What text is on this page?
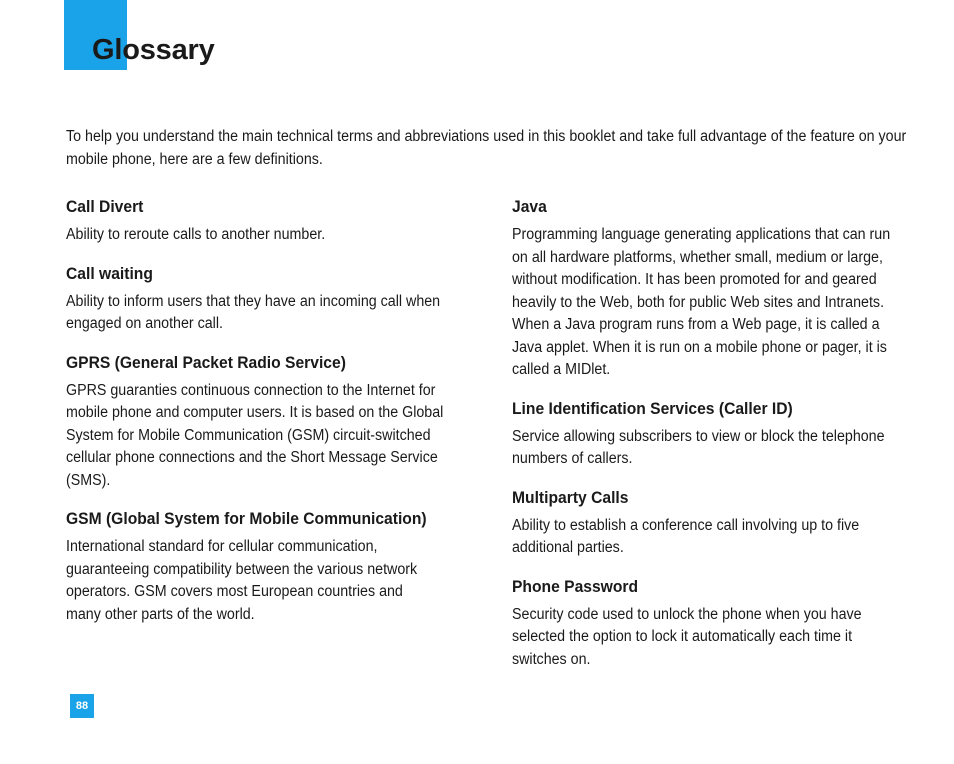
Glossary

To help you understand the main technical terms and abbreviations used in this booklet and take full advantage of the feature on your mobile phone, here are a few definitions.

Call Divert

Ability to reroute calls to another number.

Call waiting

Ability to inform users that they have an incoming call when engaged on another call.

GPRS (General Packet Radio Service)

GPRS guaranties continuous connection to the Internet for mobile phone and computer users. It is based on the Global System for Mobile Communication (GSM) circuit-switched cellular phone connections and the Short Message Service (SMS).

GSM (Global System for Mobile Communication)

International standard for cellular communication, guaranteeing compatibility between the various network operators. GSM covers most European countries and many other parts of the world.

Java

Programming language generating applications that can run on all hardware platforms, whether small, medium or large, without modification. It has been promoted for and geared heavily to the Web, both for public Web sites and Intranets. When a Java program runs from a Web page, it is called a Java applet. When it is run on a mobile phone or pager, it is called a MIDlet.

Line Identification Services (Caller ID)

Service allowing subscribers to view or block the telephone numbers of callers.

Multiparty Calls

Ability to establish a conference call involving up to five additional parties.

Phone Password

Security code used to unlock the phone when you have selected the option to lock it automatically each time it switches on.

88
